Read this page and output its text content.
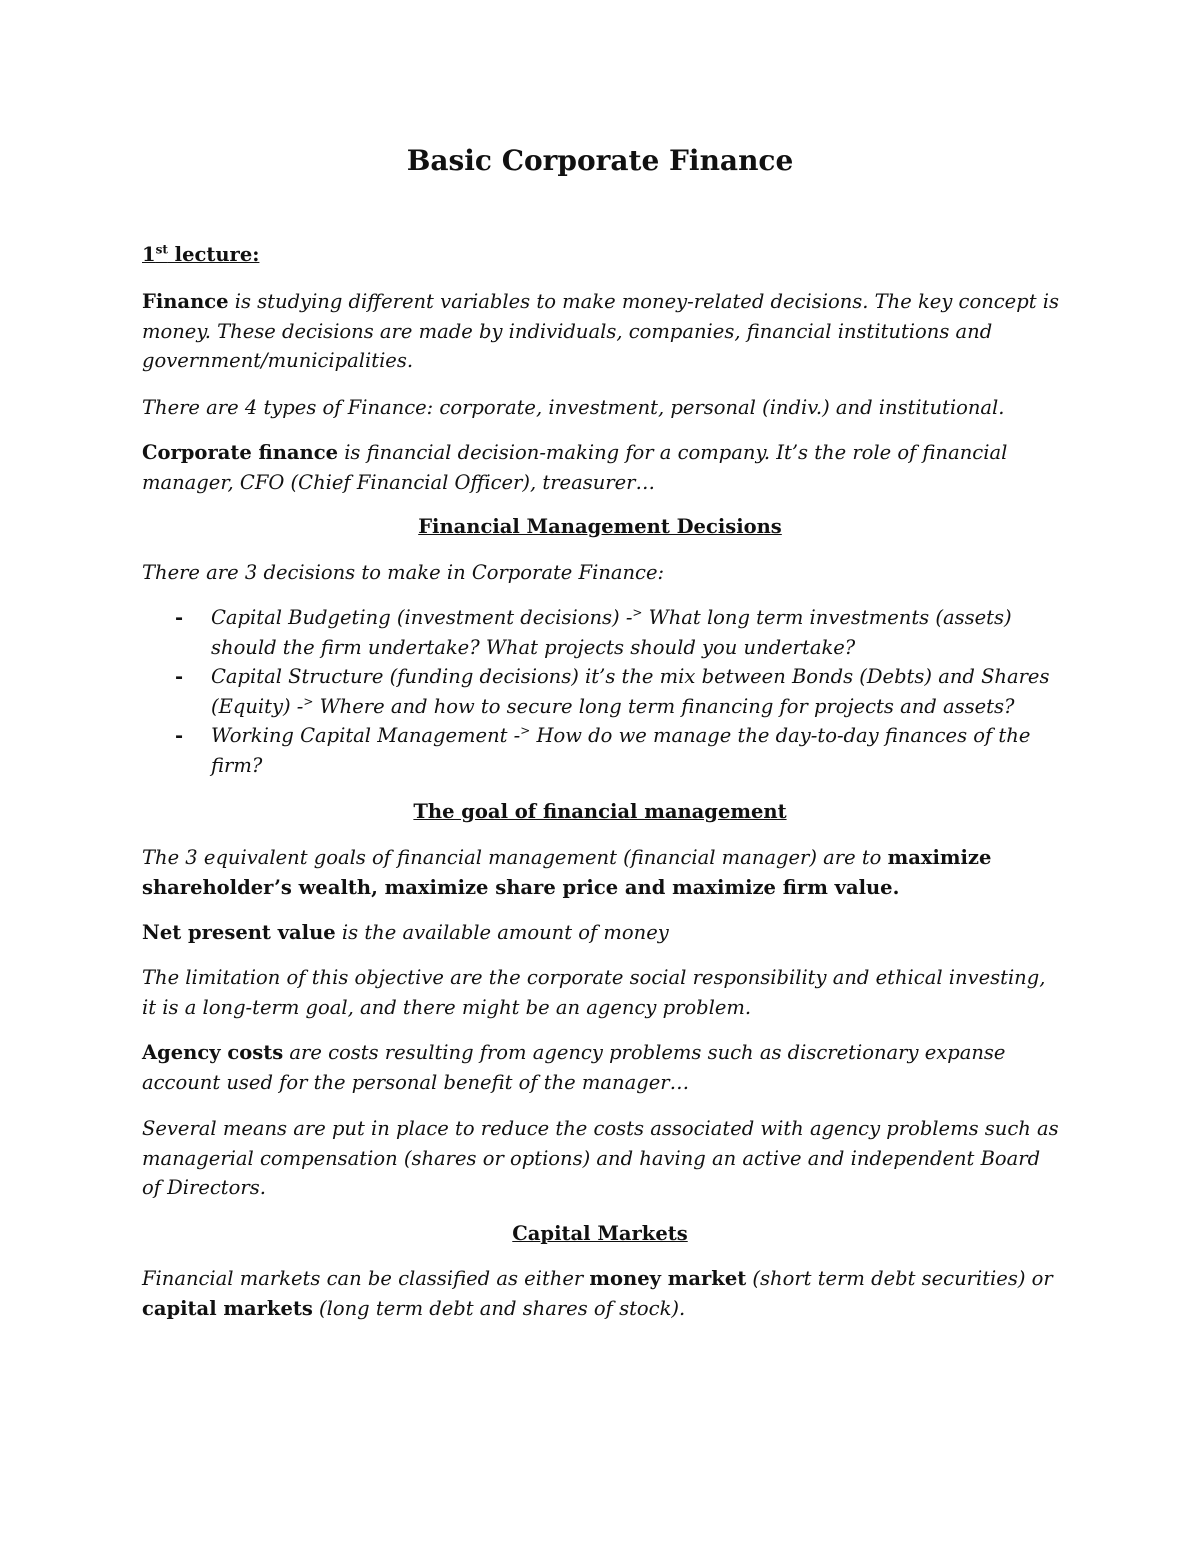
Basic Corporate Finance

1st lecture:

Finance is studying different variables to make money-related decisions. The key concept is money. These decisions are made by individuals, companies, financial institutions and government/municipalities.

There are 4 types of Finance: corporate, investment, personal (indiv.) and institutional.

Corporate finance is financial decision-making for a company. It’s the role of financial manager, CFO (Chief Financial Officer), treasurer…

Financial Management Decisions

There are 3 decisions to make in Corporate Finance:

- Capital Budgeting (investment decisions) -> What long term investments (assets) should the firm undertake? What projects should you undertake?
- Capital Structure (funding decisions) it’s the mix between Bonds (Debts) and Shares (Equity) -> Where and how to secure long term financing for projects and assets?
- Working Capital Management -> How do we manage the day-to-day finances of the firm?
The goal of financial management

The 3 equivalent goals of financial management (financial manager) are to maximize shareholder’s wealth, maximize share price and maximize firm value.

Net present value is the available amount of money

The limitation of this objective are the corporate social responsibility and ethical investing, it is a long-term goal, and there might be an agency problem.

Agency costs are costs resulting from agency problems such as discretionary expanse account used for the personal benefit of the manager…

Several means are put in place to reduce the costs associated with agency problems such as managerial compensation (shares or options) and having an active and independent Board of Directors.

Capital Markets

Financial markets can be classified as either money market (short term debt securities) or capital markets (long term debt and shares of stock).
